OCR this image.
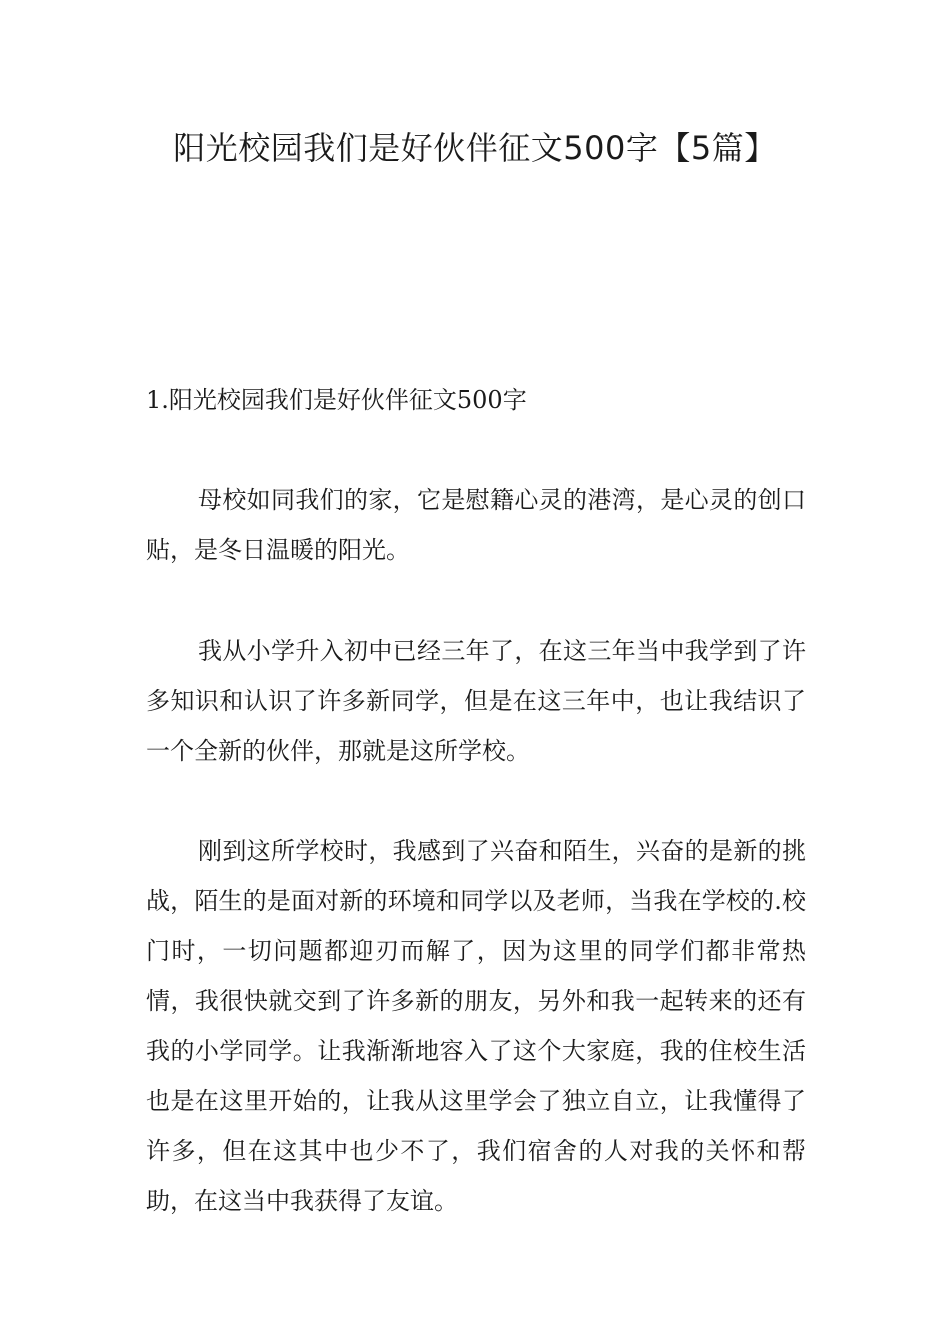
阳光校园我们是好伙伴征文500字【5篇】
1.阳光校园我们是好伙伴征文500字

母校如同我们的家，它是慰籍心灵的港湾，是心灵的创口贴，是冬日温暖的阳光。

我从小学升入初中已经三年了，在这三年当中我学到了许多知识和认识了许多新同学，但是在这三年中，也让我结识了一个全新的伙伴，那就是这所学校。

刚到这所学校时，我感到了兴奋和陌生，兴奋的是新的挑战，陌生的是面对新的环境和同学以及老师，当我在学校的.校门时，一切问题都迎刃而解了，因为这里的同学们都非常热情，我很快就交到了许多新的朋友，另外和我一起转来的还有我的小学同学。让我渐渐地容入了这个大家庭，我的住校生活也是在这里开始的，让我从这里学会了独立自立，让我懂得了许多，但在这其中也少不了，我们宿舍的人对我的关怀和帮助，在这当中我获得了友谊。
